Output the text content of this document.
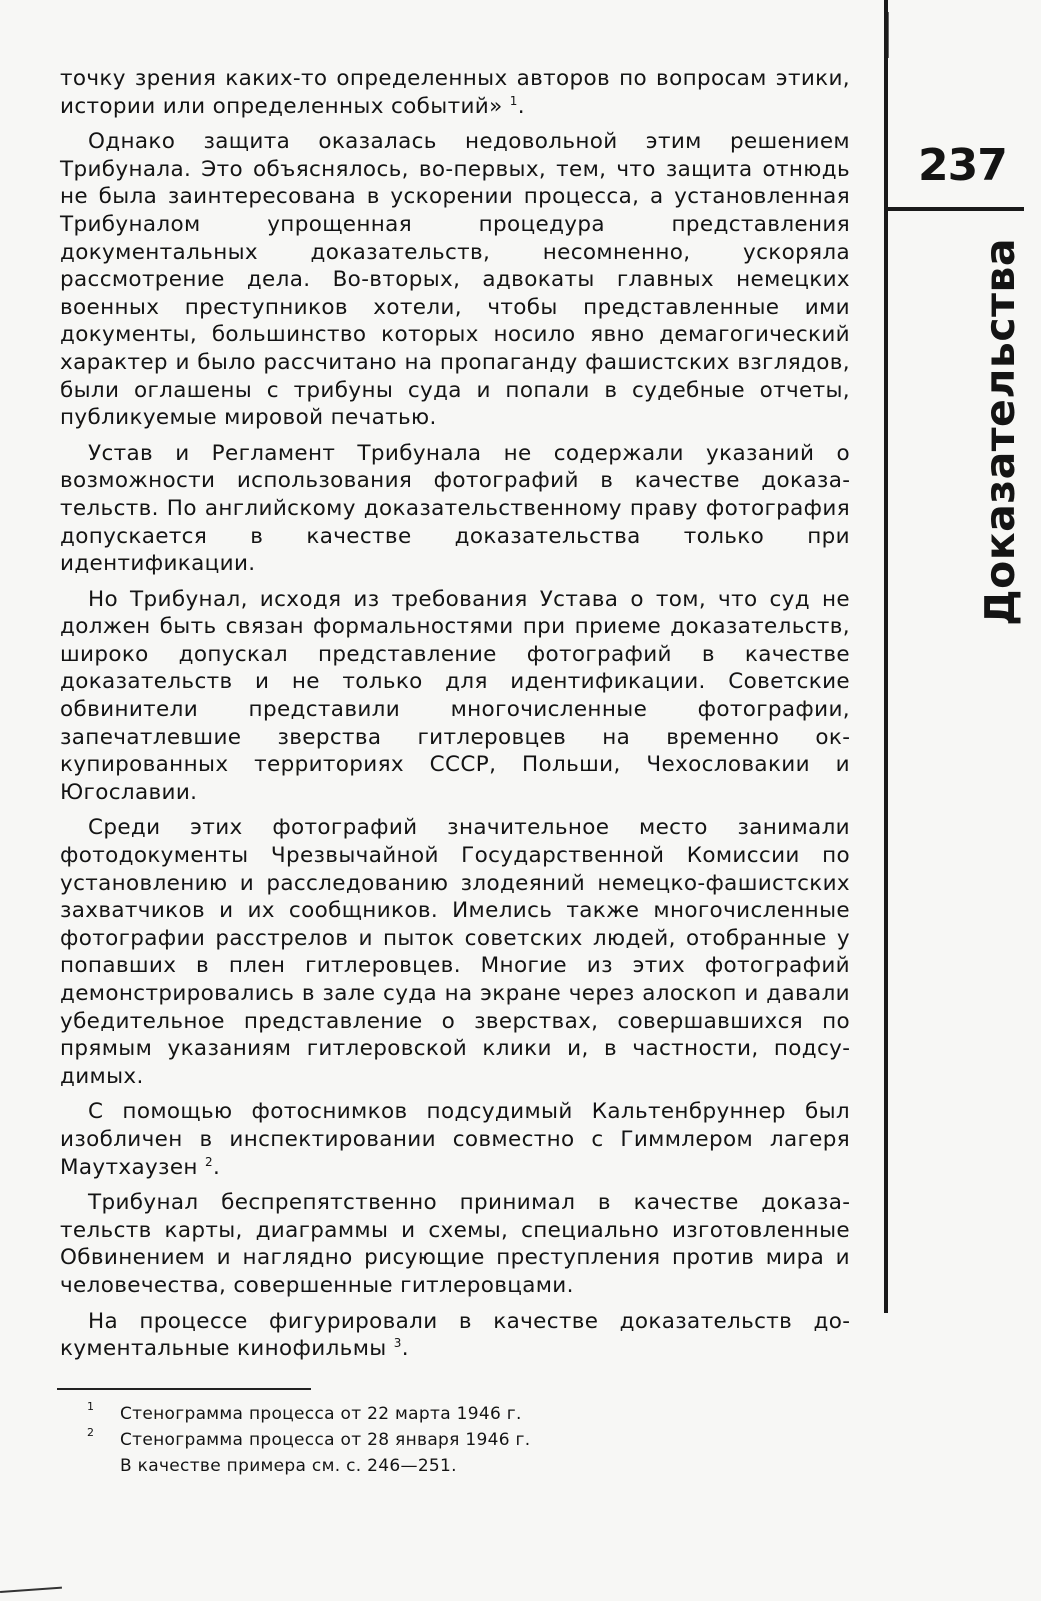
237
Доказательства

точку зрения каких-то определенных авторов по вопросам этики, истории или определенных событий» $^1$.

Однако защита оказалась недовольной этим решением Трибунала. Это объяснялось, во-первых, тем, что защита отнюдь не была заинтересована в ускорении процесса, а установленная Трибуналом упрощенная процедура представления документальных доказательств, несомненно, ускоряла рассмотрение дела. Во-вторых, адвокаты главных немецких военных преступников хотели, чтобы представленные ими документы, большинство которых носило явно демагогический характер и было рассчитано на пропаганду фашистских взглядов, были оглашены с трибуны суда и попали в судебные отчеты, публикуемые мировой печатью.

Устав и Регламент Трибунала не содержали указаний о возможности использования фотографий в качестве доказательств. По английскому доказательственному праву фотография допускается в качестве доказательства только при идентификации.

Но Трибунал, исходя из требования Устава о том, что суд не должен быть связан формальностями при приеме доказательств, широко допускал представление фотографий в качестве доказательств и не только для идентификации. Советские обвинители представили многочисленные фотографии, запечатлевшие зверства гитлеровцев на временно оккупированных территориях СССР, Польши, Чехословакии и Югославии.

Среди этих фотографий значительное место занимали фотодокументы Чрезвычайной Государственной Комиссии по установлению и расследованию злодеяний немецко-фашистских захватчиков и их сообщников. Имелись также многочисленные фотографии расстрелов и пыток советских людей, отобранные у попавших в плен гитлеровцев. Многие из этих фотографий демонстрировались в зале суда на экране через алоскоп и давали убедительное представление о зверствах, совершавшихся по прямым указаниям гитлеровской клики и, в частности, подсудимых.

С помощью фотоснимков подсудимый Кальтенбруннер был изобличен в инспектировании совместно с Гиммлером лагеря Маутхаузен $^2$.

Трибунал беспрепятственно принимал в качестве доказательств карты, диаграммы и схемы, специально изготовленные Обвинением и наглядно рисующие преступления против мира и человечества, совершенные гитлеровцами.

На процессе фигурировали в качестве доказательств документальные кинофильмы $^3$.

1	Стенограмма процесса от 22 марта 1946 г.
2	Стенограмма процесса от 28 января 1946 г.
В качестве примера см. с. 246—251.
